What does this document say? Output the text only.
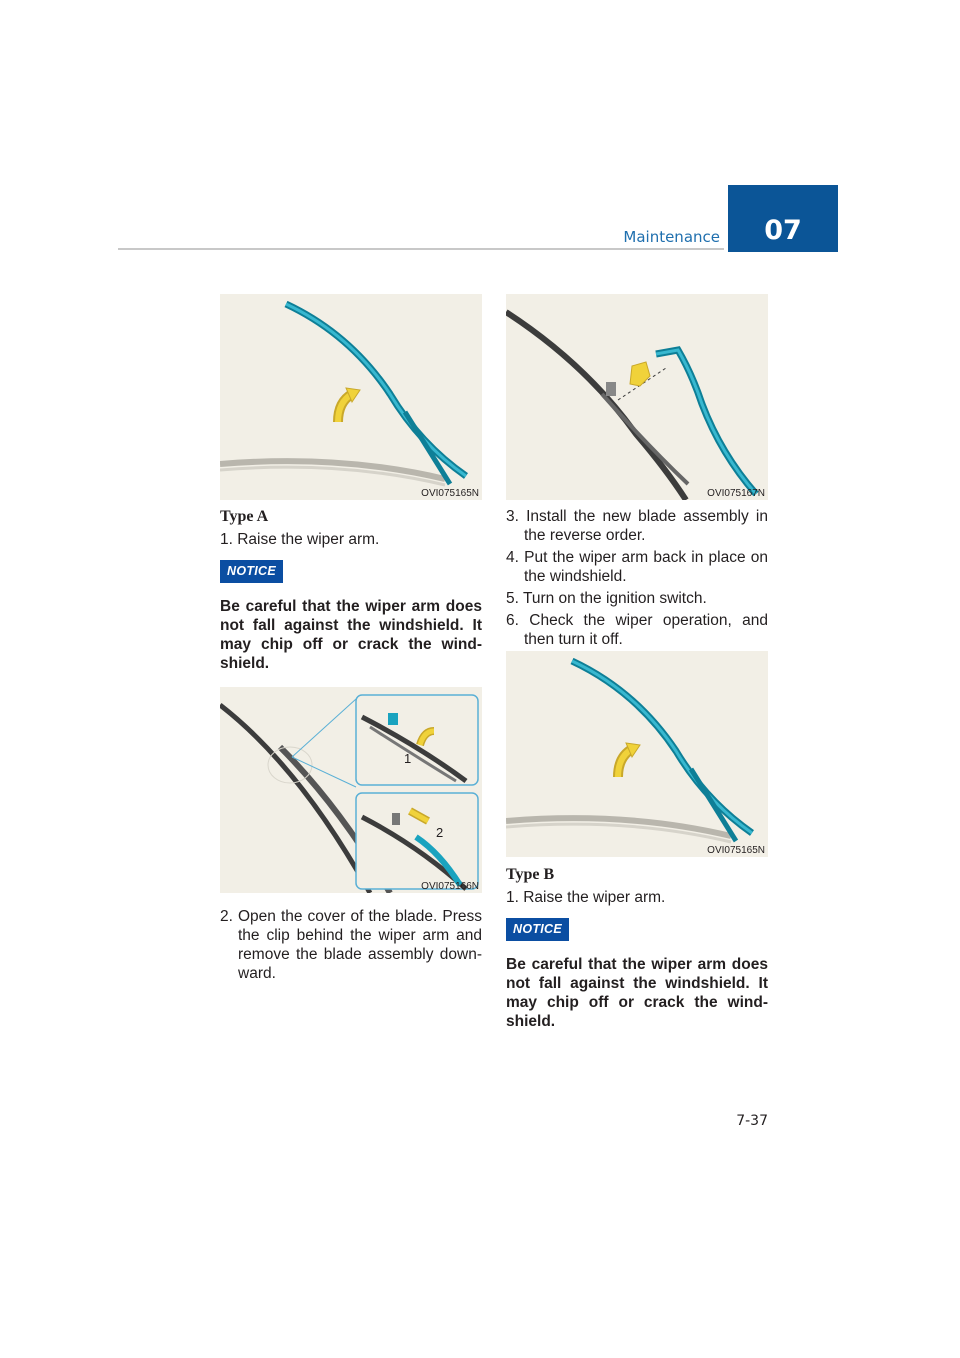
Maintenance 07
OVI075165N
Type A

1. Raise the wiper arm.

NOTICE

Be careful that the wiper arm does not fall against the windshield. It may chip off or crack the wind-shield.

1
2
OVI075166N

2. Open the cover of the blade. Press the clip behind the wiper arm and remove the blade assembly down-ward.

OVI075167N

3. Install the new blade assembly in the reverse order.

4. Put the wiper arm back in place on the windshield.

5. Turn on the ignition switch.

6. Check the wiper operation, and then turn it off.

OVI075165N
Type B

1. Raise the wiper arm.

NOTICE

Be careful that the wiper arm does not fall against the windshield. It may chip off or crack the wind-shield.

7-37
